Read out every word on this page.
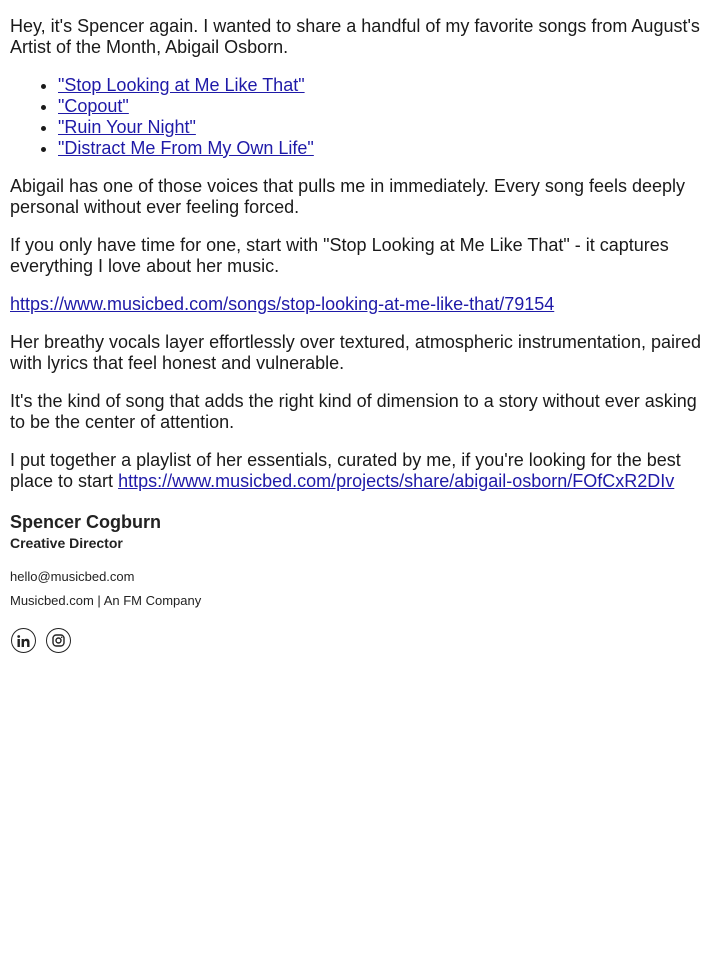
Hey, it's Spencer again. I wanted to share a handful of my favorite songs from August's Artist of the Month, Abigail Osborn.

• "Stop Looking at Me Like That"
• "Copout"
• "Ruin Your Night"
• "Distract Me From My Own Life"

Abigail has one of those voices that pulls me in immediately. Every song feels deeply personal without ever feeling forced.

If you only have time for one, start with "Stop Looking at Me Like That" - it captures everything I love about her music.

https://www.musicbed.com/songs/stop-looking-at-me-like-that/79154

Her breathy vocals layer effortlessly over textured, atmospheric instrumentation, paired with lyrics that feel honest and vulnerable.

It's the kind of song that adds the right kind of dimension to a story without ever asking to be the center of attention.

I put together a playlist of her essentials, curated by me, if you're looking for the best place to start https://www.musicbed.com/projects/share/abigail-osborn/FOfCxR2DIv

Spencer Cogburn
Creative Director
hello@musicbed.com
Musicbed.com | An FM Company
